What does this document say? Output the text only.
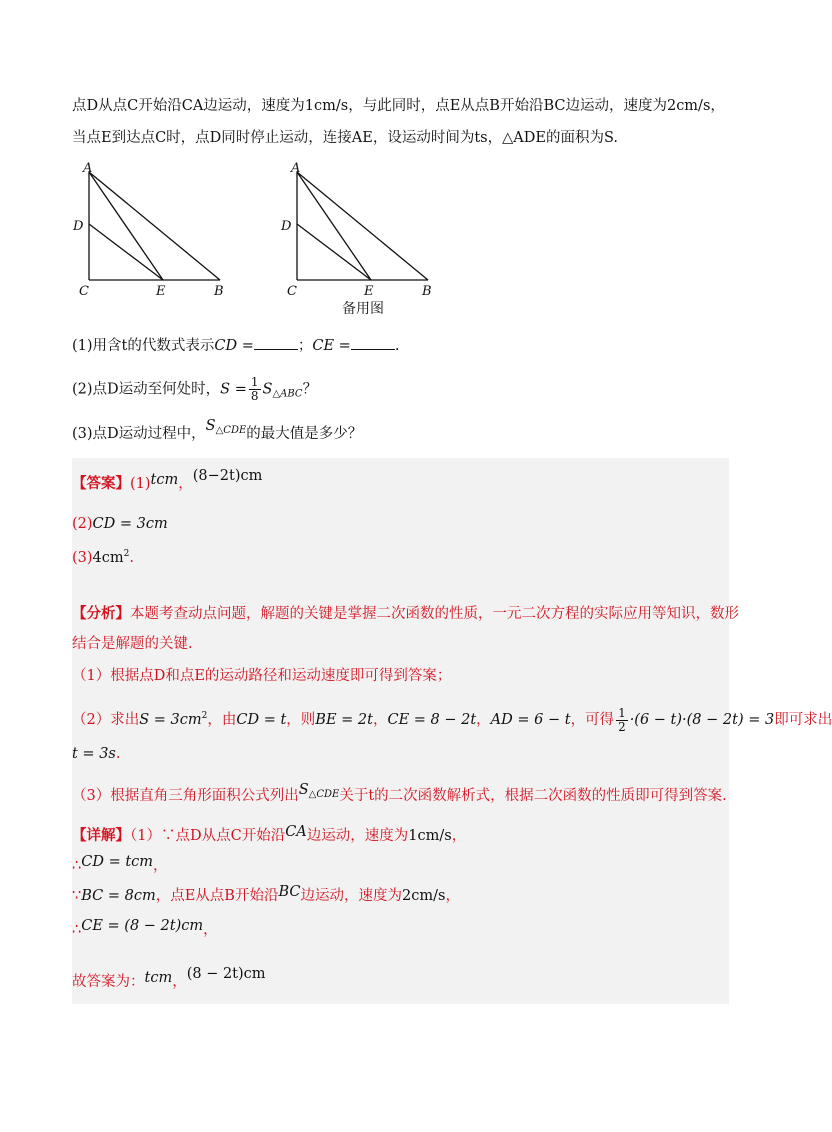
点D从点C开始沿CA边运动，速度为1cm/s，与此同时，点E从点B开始沿BC边运动，速度为2cm/s，
当点E到达点C时，点D同时停止运动，连接AE，设运动时间为ts，△ADE的面积为S.
A
D
C	E	B
A
D
C	E	B
备用图
(1)用含t的代数式表示CD =	；CE =	.
(2)点D运动至何处时，$S = \frac{1}{8} S_{\triangle ABC}$？
(3)点D运动过程中，$S^{\triangle CDE}$的最大值是多少？
【答案】(1)tcm，(8−2t)cm
(2)CD = 3cm
$(3)4cm^2$.
【分析】本题考查动点问题，解题的关键是掌握二次函数的性质，一元二次方程的实际应用等知识，数形
结合是解题的关键.
（1）根据点D和点E的运动路径和运动速度即可得到答案；
（2）求出$S = 3cm^2$，由CD = t，则BE = 2t，CE = 8 − 2t，AD = 6 − t，可得 $\frac{1}{2} \cdot(6 - t)\cdot(8 - 2t) = 3$即可求出
t = 3s.
（3）根据直角三角形面积公式列出$S^{\triangle CDE}$关于t的二次函数解析式，根据二次函数的性质即可得到答案.
【详解】（1）∵点D从点C开始沿CA边运动，速度为1cm/s，
∴CD = tcm，
∵BC = 8cm，点E从点B开始沿BC边运动，速度为2cm/s，
∴CE = (8 − 2t)cm，
故答案为：tcm，(8 − 2t)cm
